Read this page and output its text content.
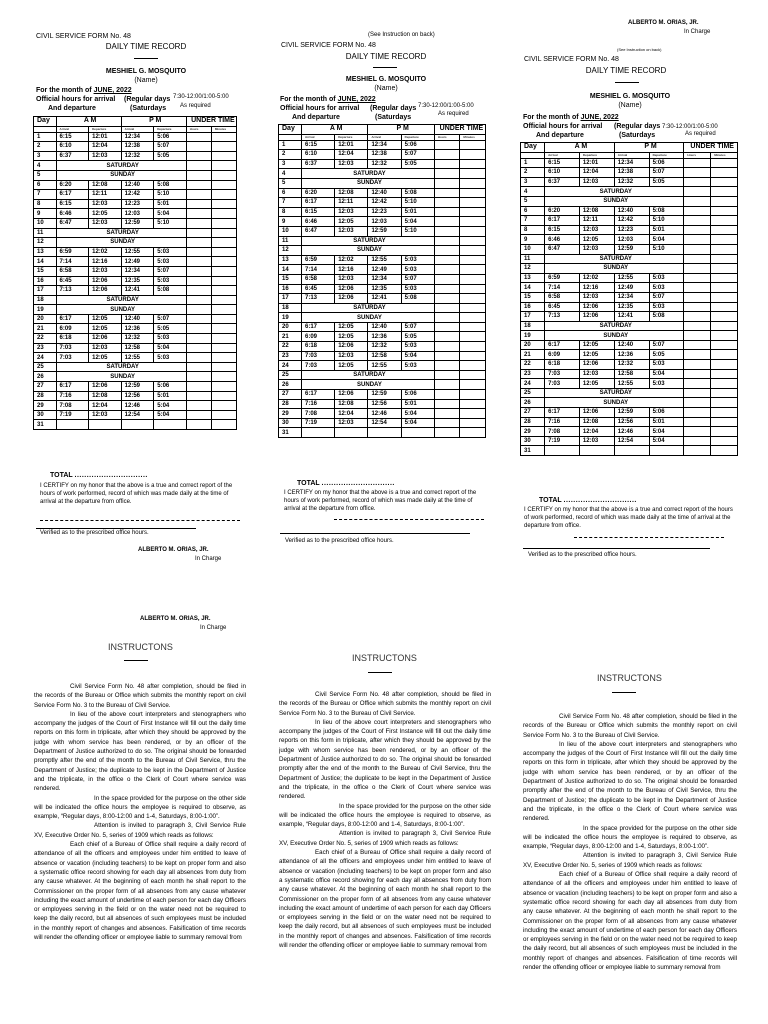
CIVIL SERVICE FORM No. 48
DAILY TIME RECORD
MESHIEL G. MOSQUITO
(Name)
For the month of JUNE, 2022
Official hours for arrival (Regular days 7:30-12:00/1:00-5:00
And departure	(Saturdays As required
Day	A M		P M		UNDER TIME	
	Arrival	Departure	Arrival	Departure	Hours	Minutes
1	6:15	12:01	12:34	5:06		
2	6:10	12:04	12:38	5:07		
3	6:37	12:03	12:32	5:05		
4	SATURDAY					
5	SUNDAY					
6	6:20	12:08	12:40	5:08		
7	6:17	12:11	12:42	5:10		
8	6:15	12:03	12:23	5:01		
9	6:46	12:05	12:03	5:04		
10	6:47	12:03	12:59	5:10		
11	SATURDAY					
12	SUNDAY					
13	6:59	12:02	12:55	5:03		
14	7:14	12:16	12:49	5:03		
15	6:58	12:03	12:34	5:07		
16	6:45	12:06	12:35	5:03		
17	7:13	12:06	12:41	5:08		
18	SATURDAY					
19	SUNDAY					
20	6:17	12:05	12:40	5:07		
21	6:09	12:05	12:36	5:05		
22	6:18	12:06	12:32	5:03		
23	7:03	12:03	12:58	5:04		
24	7:03	12:05	12:55	5:03		
25	SATURDAY					
26	SUNDAY					
27	6:17	12:06	12:59	5:06		
28	7:16	12:08	12:56	5:01		
29	7:08	12:04	12:46	5:04		
30	7:19	12:03	12:54	5:04		
31						
TOTAL ..............................
I CERTIFY on my honor that the above is a true and correct report of the hours of work performed, record of which was made daily at the time of arrival at the departure from office.
Verified as to the prescribed office hours.
ALBERTO M. ORIAS, JR.
In Charge
(See Instruction on back)
CIVIL SERVICE FORM No. 48
DAILY TIME RECORD
MESHIEL G. MOSQUITO
(Name)
For the month of JUNE, 2022
Official hours for arrival (Regular days 7:30-12:00/1:00-5:00
And departure	(Saturdays	As required
Day	A M		P M		UNDER TIME	
	Arrival	Departure	Arrival	Departure	Hours	Minutes
1	6:15	12:01	12:34	5:06		
2	6:10	12:04	12:38	5:07		
3	6:37	12:03	12:32	5:05		
4	SATURDAY					
5	SUNDAY					
6	6:20	12:08	12:40	5:08		
7	6:17	12:11	12:42	5:10		
8	6:15	12:03	12:23	5:01		
9	6:46	12:05	12:03	5:04		
10	6:47	12:03	12:59	5:10		
11	SATURDAY					
12	SUNDAY					
13	6:59	12:02	12:55	5:03		
14	7:14	12:16	12:49	5:03		
15	6:58	12:03	12:34	5:07		
16	6:45	12:06	12:35	5:03		
17	7:13	12:06	12:41	5:08		
18	SATURDAY					
19	SUNDAY					
20	6:17	12:05	12:40	5:07		
21	6:09	12:05	12:36	5:05		
22	6:18	12:06	12:32	5:03		
23	7:03	12:03	12:58	5:04		
24	7:03	12:05	12:55	5:03		
25	SATURDAY					
26	SUNDAY					
27	6:17	12:06	12:59	5:06		
28	7:16	12:08	12:56	5:01		
29	7:08	12:04	12:46	5:04		
30	7:19	12:03	12:54	5:04		
31						
TOTAL ..............................
I CERTIFY on my honor that the above is a true and correct report of the hours of work performed, record of which was made daily at the time of arrival at the departure from office.
Verified as to the prescribed office hours.
ALBERTO M. ORIAS, JR.
In Charge
(See Instruction on back)
CIVIL SERVICE FORM No. 48
DAILY TIME RECORD
MESHIEL G. MOSQUITO
(Name)
For the month of JUNE, 2022
Official hours for arrival (Regular days 7:30-12:00/1:00-5:00
And departure	(Saturdays	As required
Day	A M		P M		UNDER TIME	
	Arrival	Departure	Arrival	Departure	Hours	Minutes
1	6:15	12:01	12:34	5:06		
2	6:10	12:04	12:38	5:07		
3	6:37	12:03	12:32	5:05		
4	SATURDAY					
5	SUNDAY					
6	6:20	12:08	12:40	5:08		
7	6:17	12:11	12:42	5:10		
8	6:15	12:03	12:23	5:01		
9	6:46	12:05	12:03	5:04		
10	6:47	12:03	12:59	5:10		
11	SATURDAY					
12	SUNDAY					
13	6:59	12:02	12:55	5:03		
14	7:14	12:16	12:49	5:03		
15	6:58	12:03	12:34	5:07		
16	6:45	12:06	12:35	5:03		
17	7:13	12:06	12:41	5:08		
18	SATURDAY					
19	SUNDAY					
20	6:17	12:05	12:40	5:07		
21	6:09	12:05	12:36	5:05		
22	6:18	12:06	12:32	5:03		
23	7:03	12:03	12:58	5:04		
24	7:03	12:05	12:55	5:03		
25	SATURDAY					
26	SUNDAY					
27	6:17	12:06	12:59	5:06		
28	7:16	12:08	12:56	5:01		
29	7:08	12:04	12:46	5:04		
30	7:19	12:03	12:54	5:04		
31						
TOTAL ..............................
I CERTIFY on my honor that the above is a true and correct report of the hours of work performed, record of which was made daily at the time of arrival at the departure from office.
Verified as to the prescribed office hours.
ALBERTO M. ORIAS, JR.
In Charge
INSTRUCTONS

Civil Service Form No. 48 after completion, should be filed in the records of the Bureau or Office which submits the monthly report on civil Service Form No. 3 to the Bureau of Civil Service.

In lieu of the above court interpreters and stenographers who accompany the judges of the Court of First Instance will fill out the daily time reports on this form in triplicate, after which they should be approved by the judge with whom service has been rendered, or by an officer of the Department of Justice authorized to do so. The original should be forwarded promptly after the end of the month to the Bureau of Civil Service, thru the Department of Justice; the duplicate to be kept in the Department of Justice and the triplicate, in the office o the Clerk of Court where service was rendered.

In the space provided for the purpose on the other side will be indicated the office hours the employee is required to observe, as example, “Regular days, 8:00-12:00 and 1-4, Saturdays, 8:00-1:00”.

Attention is invited to paragraph 3, Civil Service Rule XV, Executive Order No. 5, series of 1909 which reads as follows:

Each chief of a Bureau of Office shall require a daily record of attendance of all the officers and employees under him entitled to leave of absence or vacation (including teachers) to be kept on proper form and also a systematic office record showing for each day all absences from duty from any cause whatever. At the beginning of each month he shall report to the Commissioner on the proper form of all absences from any cause whatever including the exact amount of undertime of each person for each day Officers or employees serving in the field or on the water need not be required to keep the daily record, but all absences of such employees must be included in the monthly report of changes and absences. Falsification of time records will render the offending officer or employee liable to summary removal from

INSTRUCTONS

Civil Service Form No. 48 after completion, should be filed in the records of the Bureau or Office which submits the monthly report on civil Service Form No. 3 to the Bureau of Civil Service.

In lieu of the above court interpreters and stenographers who accompany the judges of the Court of First Instance will fill out the daily time reports on this form in triplicate, after which they should be approved by the judge with whom service has been rendered, or by an officer of the Department of Justice authorized to do so. The original should be forwarded promptly after the end of the month to the Bureau of Civil Service, thru the Department of Justice; the duplicate to be kept in the Department of Justice and the triplicate, in the office o the Clerk of Court where service was rendered.

In the space provided for the purpose on the other side will be indicated the office hours the employee is required to observe, as example, “Regular days, 8:00-12:00 and 1-4, Saturdays, 8:00-1:00”.

Attention is invited to paragraph 3, Civil Service Rule XV, Executive Order No. 5, series of 1909 which reads as follows:

Each chief of a Bureau of Office shall require a daily record of attendance of all the officers and employees under him entitled to leave of absence or vacation (including teachers) to be kept on proper form and also a systematic office record showing for each day all absences from duty from any cause whatever. At the beginning of each month he shall report to the Commissioner on the proper form of all absences from any cause whatever including the exact amount of undertime of each person for each day Officers or employees serving in the field or on the water need not be required to keep the daily record, but all absences of such employees must be included in the monthly report of changes and absences. Falsification of time records will render the offending officer or employee liable to summary removal from

INSTRUCTONS

Civil Service Form No. 48 after completion, should be filed in the records of the Bureau or Office which submits the monthly report on civil Service Form No. 3 to the Bureau of Civil Service.

In lieu of the above court interpreters and stenographers who accompany the judges of the Court of First Instance will fill out the daily time reports on this form in triplicate, after which they should be approved by the judge with whom service has been rendered, or by an officer of the Department of Justice authorized to do so. The original should be forwarded promptly after the end of the month to the Bureau of Civil Service, thru the Department of Justice; the duplicate to be kept in the Department of Justice and the triplicate, in the office o the Clerk of Court where service was rendered.

In the space provided for the purpose on the other side will be indicated the office hours the employee is required to observe, as example, “Regular days, 8:00-12:00 and 1-4, Saturdays, 8:00-1:00”.

Attention is invited to paragraph 3, Civil Service Rule XV, Executive Order No. 5, series of 1909 which reads as follows:

Each chief of a Bureau of Office shall require a daily record of attendance of all the officers and employees under him entitled to leave of absence or vacation (including teachers) to be kept on proper form and also a systematic office record showing for each day all absences from duty from any cause whatever. At the beginning of each month he shall report to the Commissioner on the proper form of all absences from any cause whatever including the exact amount of undertime of each person for each day Officers or employees serving in the field or on the water need not be required to keep the daily record, but all absences of such employees must be included in the monthly report of changes and absences. Falsification of time records will render the offending officer or employee liable to summary removal from
